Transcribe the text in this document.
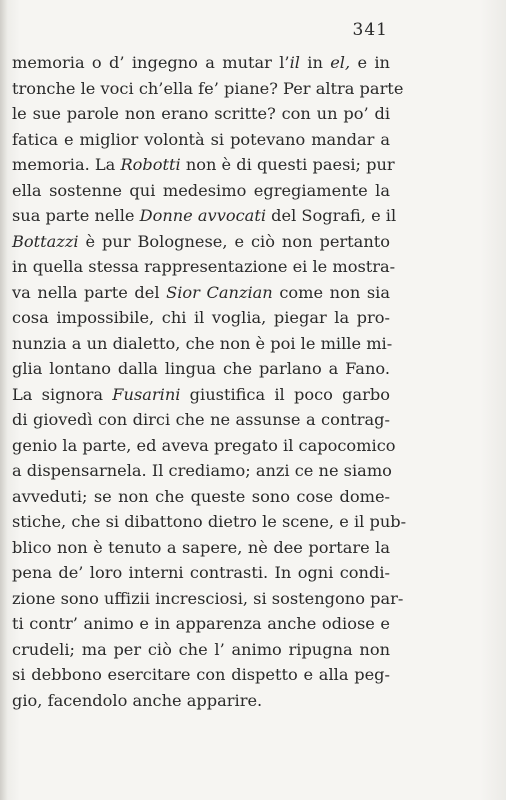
341
memoria o d’ ingegno a mutar l’il in el, e in
tronche le voci ch’ella fe’ piane? Per altra parte
le sue parole non erano scritte? con un po’ di
fatica e miglior volontà si potevano mandar a
memoria. La Robotti non è di questi paesi; pur
ella sostenne qui medesimo egregiamente la
sua parte nelle Donne avvocati del Sografi, e il
Bottazzi è pur Bolognese, e ciò non pertanto
in quella stessa rappresentazione ei le mostra-
va nella parte del Sior Canzian come non sia
cosa impossibile, chi il voglia, piegar la pro-
nunzia a un dialetto, che non è poi le mille mi-
glia lontano dalla lingua che parlano a Fano.
La signora Fusarini giustifica il poco garbo
di giovedì con dirci che ne assunse a contrag-
genio la parte, ed aveva pregato il capocomico
a dispensarnela. Il crediamo; anzi ce ne siamo
avveduti; se non che queste sono cose dome-
stiche, che si dibattono dietro le scene, e il pub-
blico non è tenuto a sapere, nè dee portare la
pena de’ loro interni contrasti. In ogni condi-
zione sono uffizii incresciosi, si sostengono par-
ti contr’ animo e in apparenza anche odiose e
crudeli; ma per ciò che l’ animo ripugna non
si debbono esercitare con dispetto e alla peg-
gio, facendolo anche apparire.
